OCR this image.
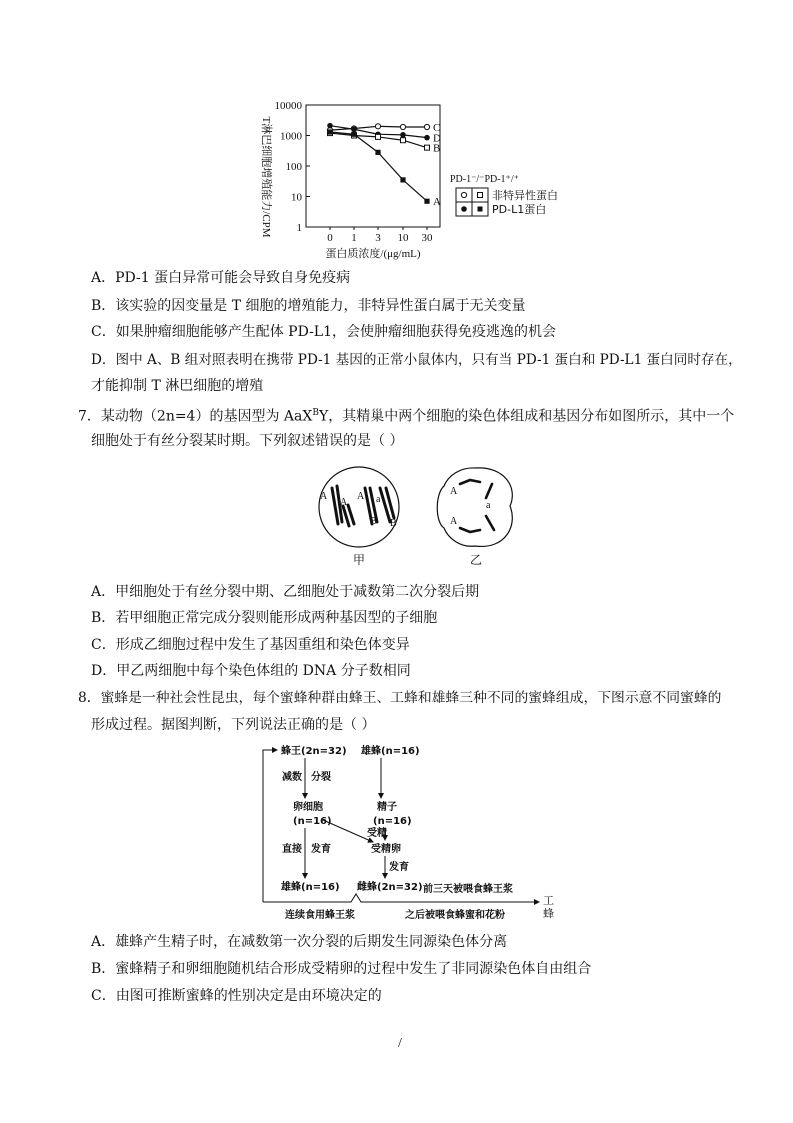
T淋巴细胞增殖能力/CPM
10000
1000
100
10
1
0 1 3 10 30
C
D
B
A
蛋白质浓度/(μg/mL)
PD-1⁻/⁻PD-1⁺/⁺
非特异性蛋白
PD-L1蛋白
A．PD-1 蛋白异常可能会导致自身免疫病
B．该实验的因变量是 T 细胞的增殖能力，非特异性蛋白属于无关变量
C．如果肿瘤细胞能够产生配体 PD-L1，会使肿瘤细胞获得免疫逃逸的机会
D．图中 A、B 组对照表明在携带 PD-1 基因的正常小鼠体内，只有当 PD-1 蛋白和 PD-L1 蛋白同时存在，
才能抑制 T 淋巴细胞的增殖
7．某动物（2n=4）的基因型为 AaX$^B$Y，其精巢中两个细胞的染色体组成和基因分布如图所示，其中一个
细胞处于有丝分裂某时期。下列叙述错误的是（ ）
A
A
A a
B B
甲
A
a
A
乙
A．甲细胞处于有丝分裂中期、乙细胞处于减数第二次分裂后期
B．若甲细胞正常完成分裂则能形成两种基因型的子细胞
C．形成乙细胞过程中发生了基因重组和染色体变异
D．甲乙两细胞中每个染色体组的 DNA 分子数相同
8．蜜蜂是一种社会性昆虫，每个蜜蜂种群由蜂王、工蜂和雄蜂三种不同的蜜蜂组成，下图示意不同蜜蜂的
形成过程。据图判断，下列说法正确的是（ ）
蜂王(2n=32) 雄蜂(n=16)
减数 分裂
卵细胞
(n=16)
精子
(n=16)
受精
受精卵
直接 发育
发育
雄蜂(n=16) 雌蜂(2n=32) 前三天被喂食蜂王浆
连续食用蜂王浆	之后被喂食蜂蜜和花粉
工
蜂
A．雄蜂产生精子时，在减数第一次分裂的后期发生同源染色体分离
B．蜜蜂精子和卵细胞随机结合形成受精卵的过程中发生了非同源染色体自由组合
C．由图可推断蜜蜂的性别决定是由环境决定的
/
